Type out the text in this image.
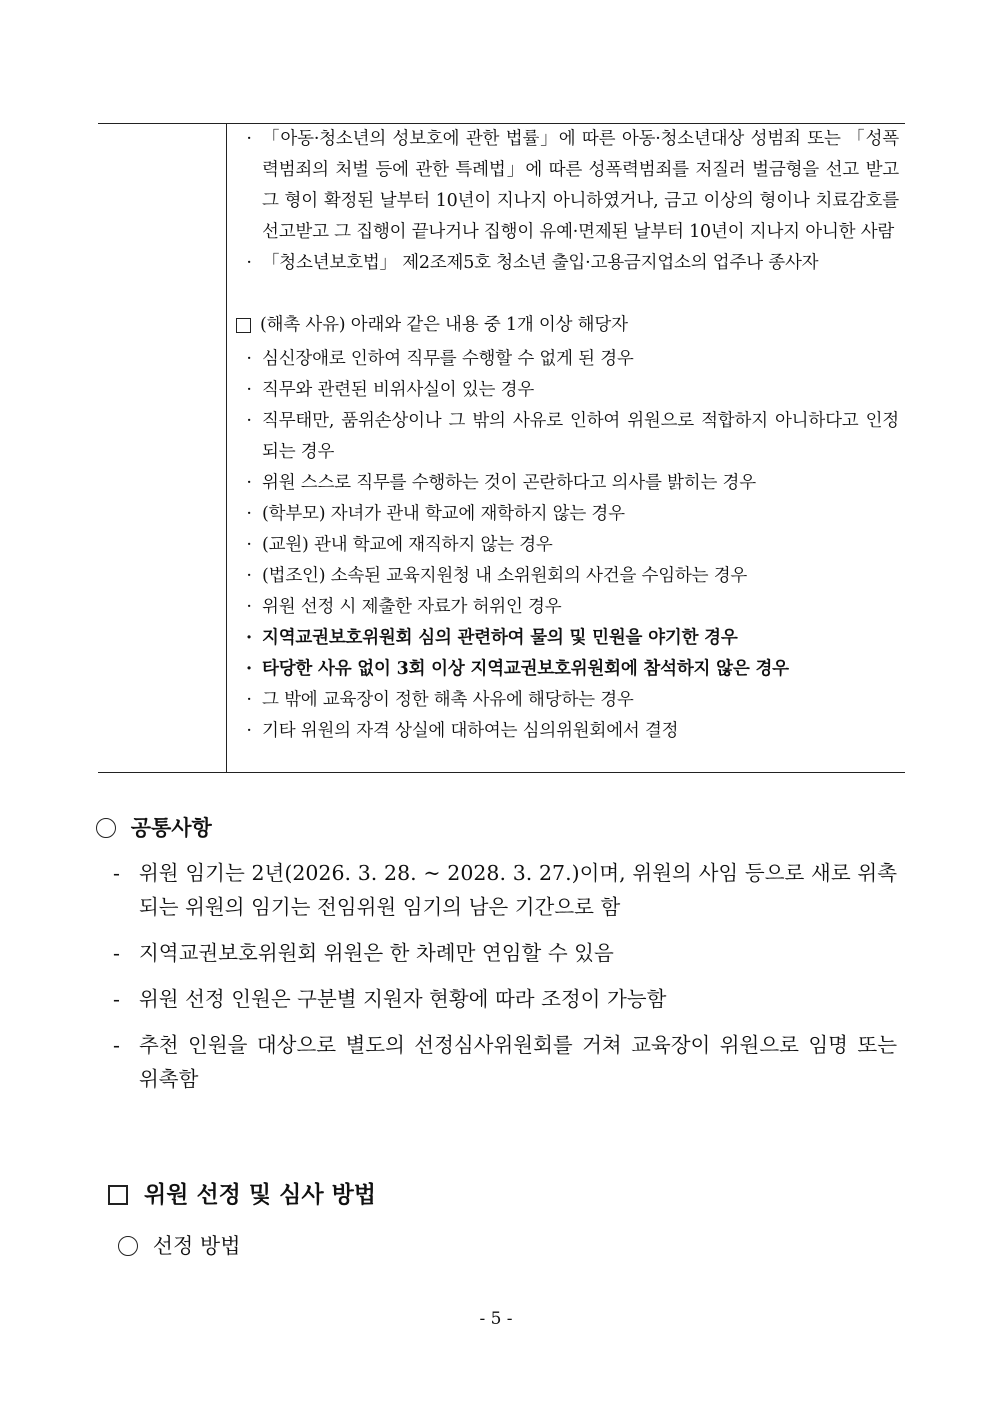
· 「아동·청소년의 성보호에 관한 법률」에 따른 아동·청소년대상 성범죄 또는 「성폭력범죄의 처벌 등에 관한 특례법」에 따른 성폭력범죄를 저질러 벌금형을 선고 받고 그 형이 확정된 날부터 10년이 지나지 아니하였거나, 금고 이상의 형이나 치료감호를 선고받고 그 집행이 끝나거나 집행이 유예·면제된 날부터 10년이 지나지 아니한 사람
· 「청소년보호법」 제2조제5호 청소년 출입·고용금지업소의 업주나 종사자
(해촉 사유) 아래와 같은 내용 중 1개 이상 해당자
· 심신장애로 인하여 직무를 수행할 수 없게 된 경우
· 직무와 관련된 비위사실이 있는 경우
· 직무태만, 품위손상이나 그 밖의 사유로 인하여 위원으로 적합하지 아니하다고 인정되는 경우
· 위원 스스로 직무를 수행하는 것이 곤란하다고 의사를 밝히는 경우
· (학부모) 자녀가 관내 학교에 재학하지 않는 경우
· (교원) 관내 학교에 재직하지 않는 경우
· (법조인) 소속된 교육지원청 내 소위원회의 사건을 수임하는 경우
· 위원 선정 시 제출한 자료가 허위인 경우
· 지역교권보호위원회 심의 관련하여 물의 및 민원을 야기한 경우
· 타당한 사유 없이 3회 이상 지역교권보호위원회에 참석하지 않은 경우
· 그 밖에 교육장이 정한 해촉 사유에 해당하는 경우
· 기타 위원의 자격 상실에 대하여는 심의위원회에서 결정
공통사항
- 위원 임기는 2년(2026. 3. 28. ~ 2028. 3. 27.)이며, 위원의 사임 등으로 새로 위촉되는 위원의 임기는 전임위원 임기의 남은 기간으로 함
- 지역교권보호위원회 위원은 한 차례만 연임할 수 있음
- 위원 선정 인원은 구분별 지원자 현황에 따라 조정이 가능함
- 추천 인원을 대상으로 별도의 선정심사위원회를 거쳐 교육장이 위원으로 임명 또는 위촉함
위원 선정 및 심사 방법
선정 방법
- 5 -
